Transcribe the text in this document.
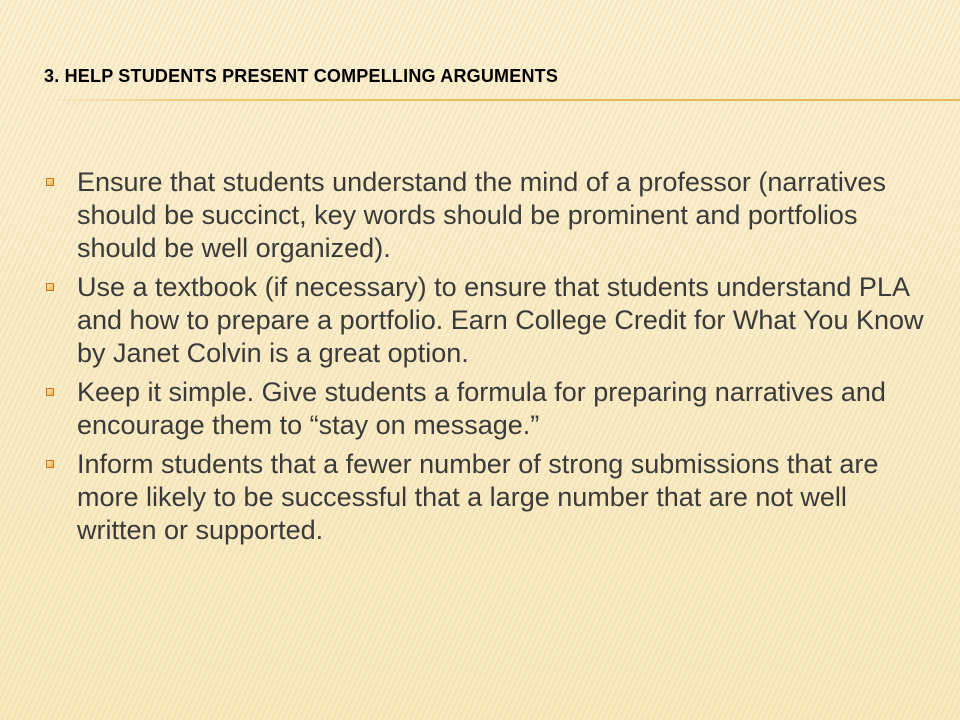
3. HELP STUDENTS PRESENT COMPELLING ARGUMENTS
Ensure that students understand the mind of a professor (narratives should be succinct, key words should be prominent and portfolios should be well organized).
Use a textbook (if necessary) to ensure that students understand PLA and how to prepare a portfolio. Earn College Credit for What You Know by Janet Colvin is a great option.
Keep it simple. Give students a formula for preparing narratives and encourage them to “stay on message.”
Inform students that a fewer number of strong submissions that are more likely to be successful that a large number that are not well written or supported.
